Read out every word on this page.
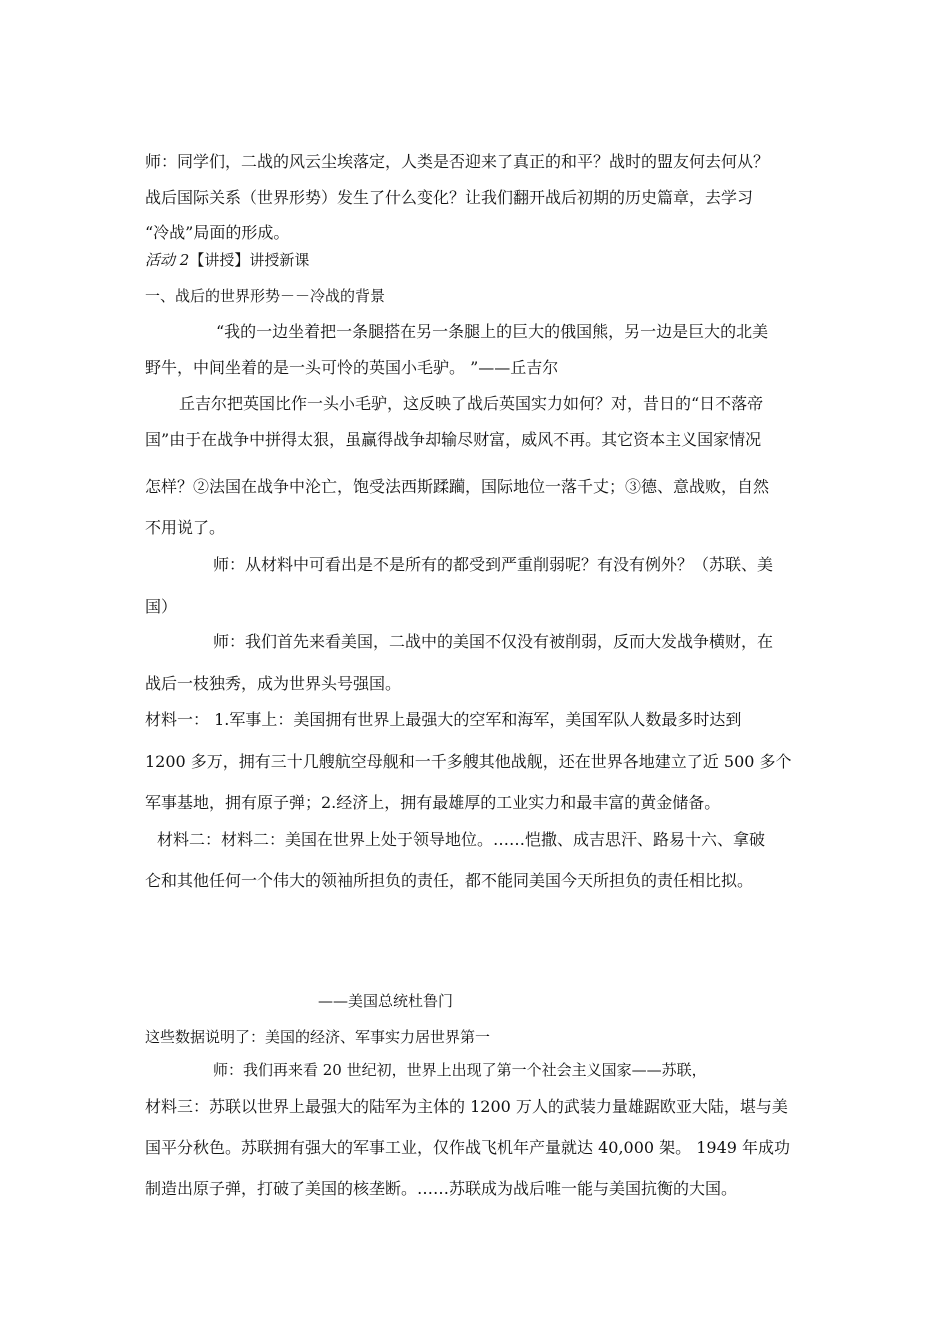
师：同学们，二战的风云尘埃落定，人类是否迎来了真正的和平？战时的盟友何去何从？
战后国际关系（世界形势）发生了什么变化？让我们翻开战后初期的历史篇章，去学习
“冷战”局面的形成。
活动 2【讲授】讲授新课
一、战后的世界形势－－冷战的背景
“我的一边坐着把一条腿搭在另一条腿上的巨大的俄国熊，另一边是巨大的北美
野牛，中间坐着的是一头可怜的英国小毛驴。 ”——丘吉尔
丘吉尔把英国比作一头小毛驴，这反映了战后英国实力如何？对，昔日的“日不落帝
国”由于在战争中拼得太狠，虽赢得战争却输尽财富，威风不再。其它资本主义国家情况
怎样？②法国在战争中沦亡，饱受法西斯蹂躏，国际地位一落千丈；③德、意战败，自然
不用说了。
师：从材料中可看出是不是所有的都受到严重削弱呢？有没有例外？（苏联、美
国）
师：我们首先来看美国，二战中的美国不仅没有被削弱，反而大发战争横财，在
战后一枝独秀，成为世界头号强国。
材料一： 1.军事上：美国拥有世界上最强大的空军和海军，美国军队人数最多时达到
1200 多万，拥有三十几艘航空母舰和一千多艘其他战舰，还在世界各地建立了近 500 多个
军事基地，拥有原子弹；2.经济上，拥有最雄厚的工业实力和最丰富的黄金储备。
材料二：材料二：美国在世界上处于领导地位。……恺撒、成吉思汗、路易十六、拿破
仑和其他任何一个伟大的领袖所担负的责任，都不能同美国今天所担负的责任相比拟。
——美国总统杜鲁门
这些数据说明了：美国的经济、军事实力居世界第一
师：我们再来看 20 世纪初，世界上出现了第一个社会主义国家——苏联，
材料三：苏联以世界上最强大的陆军为主体的 1200 万人的武装力量雄踞欧亚大陆，堪与美
国平分秋色。苏联拥有强大的军事工业，仅作战飞机年产量就达 40,000 架。 1949 年成功
制造出原子弹，打破了美国的核垄断。……苏联成为战后唯一能与美国抗衡的大国。
